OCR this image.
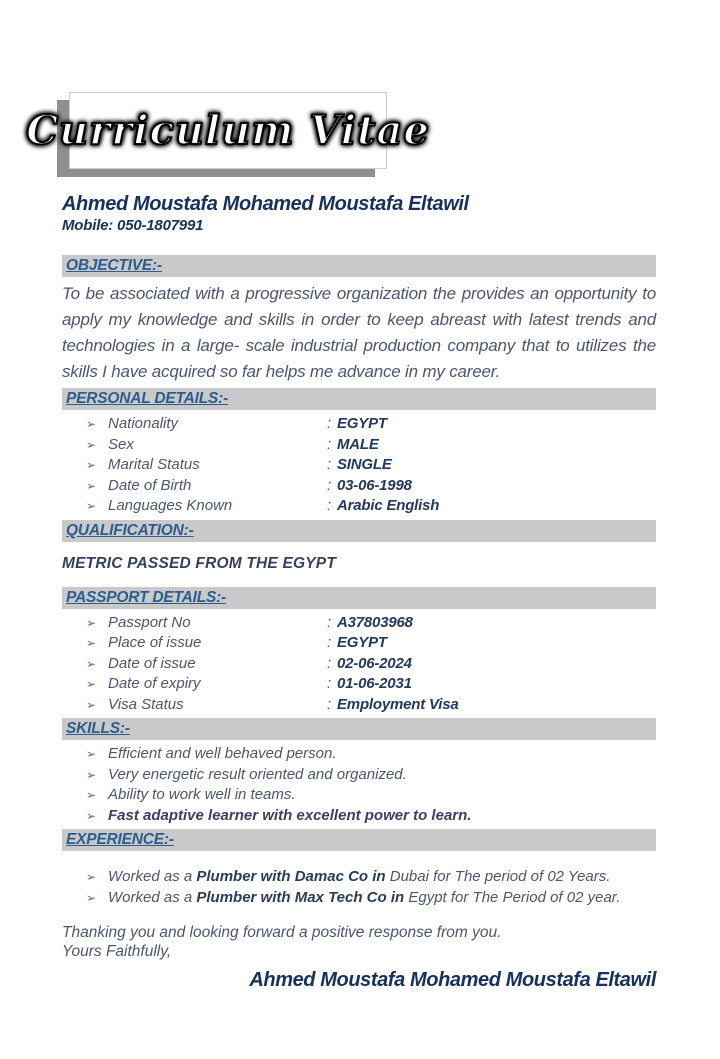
Curriculum Vitae
Ahmed Moustafa Mohamed Moustafa Eltawil
Mobile: 050-1807991
OBJECTIVE:-
To be associated with a progressive organization the provides an opportunity to apply my knowledge and skills in order to keep abreast with latest trends and technologies in a large- scale industrial production company that to utilizes the skills I have acquired so far helps me advance in my career.
PERSONAL DETAILS:-
➢ Nationality	: EGYPT
➢ Sex	: MALE
➢ Marital Status	: SINGLE
➢ Date of Birth	: 03-06-1998
➢ Languages Known	: Arabic English
QUALIFICATION:-
METRIC PASSED FROM THE EGYPT
PASSPORT DETAILS:-
➢ Passport No	: A37803968
➢ Place of issue	: EGYPT
➢ Date of issue	: 02-06-2024
➢ Date of expiry	: 01-06-2031
➢ Visa Status	: Employment Visa
SKILLS:-
➢ Efficient and well behaved person.
➢ Very energetic result oriented and organized.
➢ Ability to work well in teams.
➢ Fast adaptive learner with excellent power to learn.
EXPERIENCE:-
➢ Worked as a Plumber with Damac Co in Dubai for The period of 02 Years.
➢ Worked as a Plumber with Max Tech Co in Egypt for The Period of 02 year.
Thanking you and looking forward a positive response from you.
Yours Faithfully,
Ahmed Moustafa Mohamed Moustafa Eltawil
